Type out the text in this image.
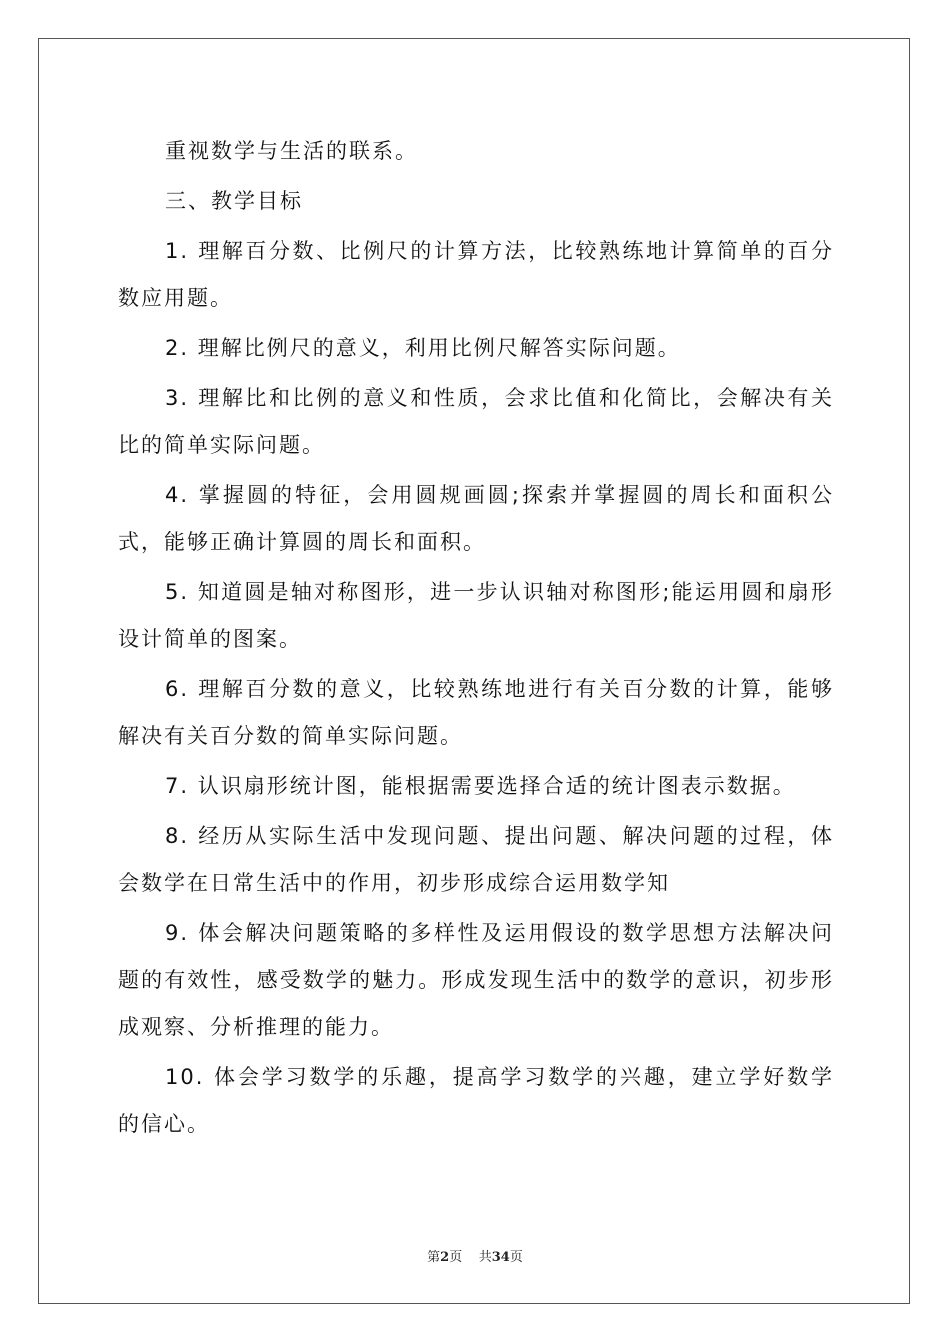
重视数学与生活的联系。

三、教学目标

1. 理解百分数、比例尺的计算方法，比较熟练地计算简单的百分数应用题。

2. 理解比例尺的意义，利用比例尺解答实际问题。

3. 理解比和比例的意义和性质，会求比值和化简比，会解决有关比的简单实际问题。

4. 掌握圆的特征，会用圆规画圆;探索并掌握圆的周长和面积公式，能够正确计算圆的周长和面积。

5. 知道圆是轴对称图形，进一步认识轴对称图形;能运用圆和扇形设计简单的图案。

6. 理解百分数的意义，比较熟练地进行有关百分数的计算，能够解决有关百分数的简单实际问题。

7. 认识扇形统计图，能根据需要选择合适的统计图表示数据。

8. 经历从实际生活中发现问题、提出问题、解决问题的过程，体会数学在日常生活中的作用，初步形成综合运用数学知

9. 体会解决问题策略的多样性及运用假设的数学思想方法解决问题的有效性，感受数学的魅力。形成发现生活中的数学的意识，初步形成观察、分析推理的能力。

10. 体会学习数学的乐趣，提高学习数学的兴趣，建立学好数学的信心。

第2页 共34页
